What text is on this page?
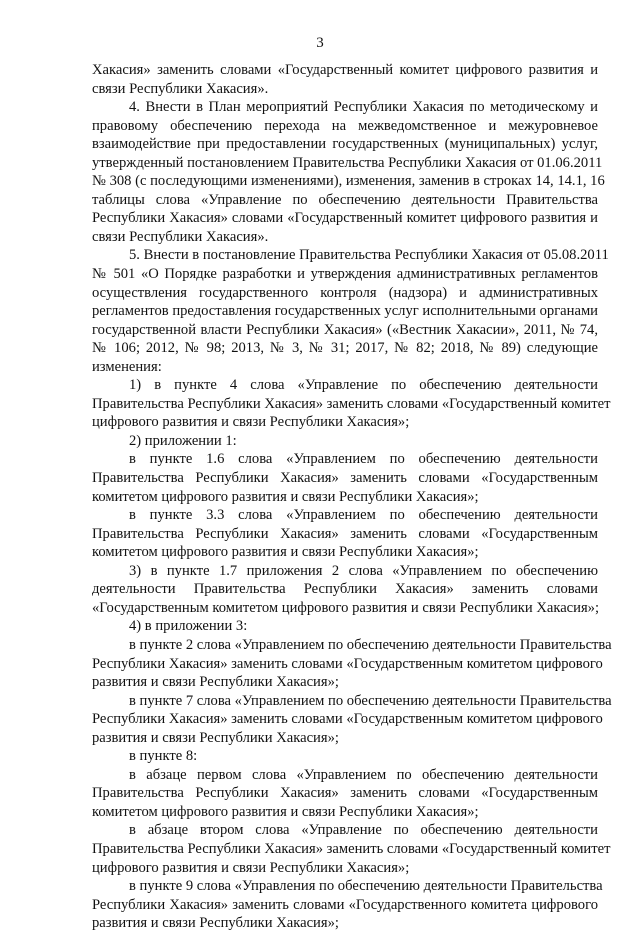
3
Хакасия» заменить словами «Государственный комитет цифрового развития и
связи Республики Хакасия».
4. Внести в План мероприятий Республики Хакасия по методическому и
правовому обеспечению перехода на межведомственное и межуровневое
взаимодействие при предоставлении государственных (муниципальных) услуг,
утвержденный постановлением Правительства Республики Хакасия от 01.06.2011
№ 308 (с последующими изменениями), изменения, заменив в строках 14, 14.1, 16
таблицы слова «Управление по обеспечению деятельности Правительства
Республики Хакасия» словами «Государственный комитет цифрового развития и
связи Республики Хакасия».
5. Внести в постановление Правительства Республики Хакасия от 05.08.2011
№ 501 «О Порядке разработки и утверждения административных регламентов
осуществления государственного контроля (надзора) и административных
регламентов предоставления государственных услуг исполнительными органами
государственной власти Республики Хакасия» («Вестник Хакасии», 2011, № 74,
№ 106; 2012, № 98; 2013, № 3, № 31; 2017, № 82; 2018, № 89) следующие
изменения:
1) в пункте 4 слова «Управление по обеспечению деятельности
Правительства Республики Хакасия» заменить словами «Государственный комитет
цифрового развития и связи Республики Хакасия»;
2) приложении 1:
в пункте 1.6 слова «Управлением по обеспечению деятельности
Правительства Республики Хакасия» заменить словами «Государственным
комитетом цифрового развития и связи Республики Хакасия»;
в пункте 3.3 слова «Управлением по обеспечению деятельности
Правительства Республики Хакасия» заменить словами «Государственным
комитетом цифрового развития и связи Республики Хакасия»;
3) в пункте 1.7 приложения 2 слова «Управлением по обеспечению
деятельности Правительства Республики Хакасия» заменить словами
«Государственным комитетом цифрового развития и связи Республики Хакасия»;
4) в приложении 3:
в пункте 2 слова «Управлением по обеспечению деятельности Правительства
Республики Хакасия» заменить словами «Государственным комитетом цифрового
развития и связи Республики Хакасия»;
в пункте 7 слова «Управлением по обеспечению деятельности Правительства
Республики Хакасия» заменить словами «Государственным комитетом цифрового
развития и связи Республики Хакасия»;
в пункте 8:
в абзаце первом слова «Управлением по обеспечению деятельности
Правительства Республики Хакасия» заменить словами «Государственным
комитетом цифрового развития и связи Республики Хакасия»;
в абзаце втором слова «Управление по обеспечению деятельности
Правительства Республики Хакасия» заменить словами «Государственный комитет
цифрового развития и связи Республики Хакасия»;
в пункте 9 слова «Управления по обеспечению деятельности Правительства
Республики Хакасия» заменить словами «Государственного комитета цифрового
развития и связи Республики Хакасия»;
